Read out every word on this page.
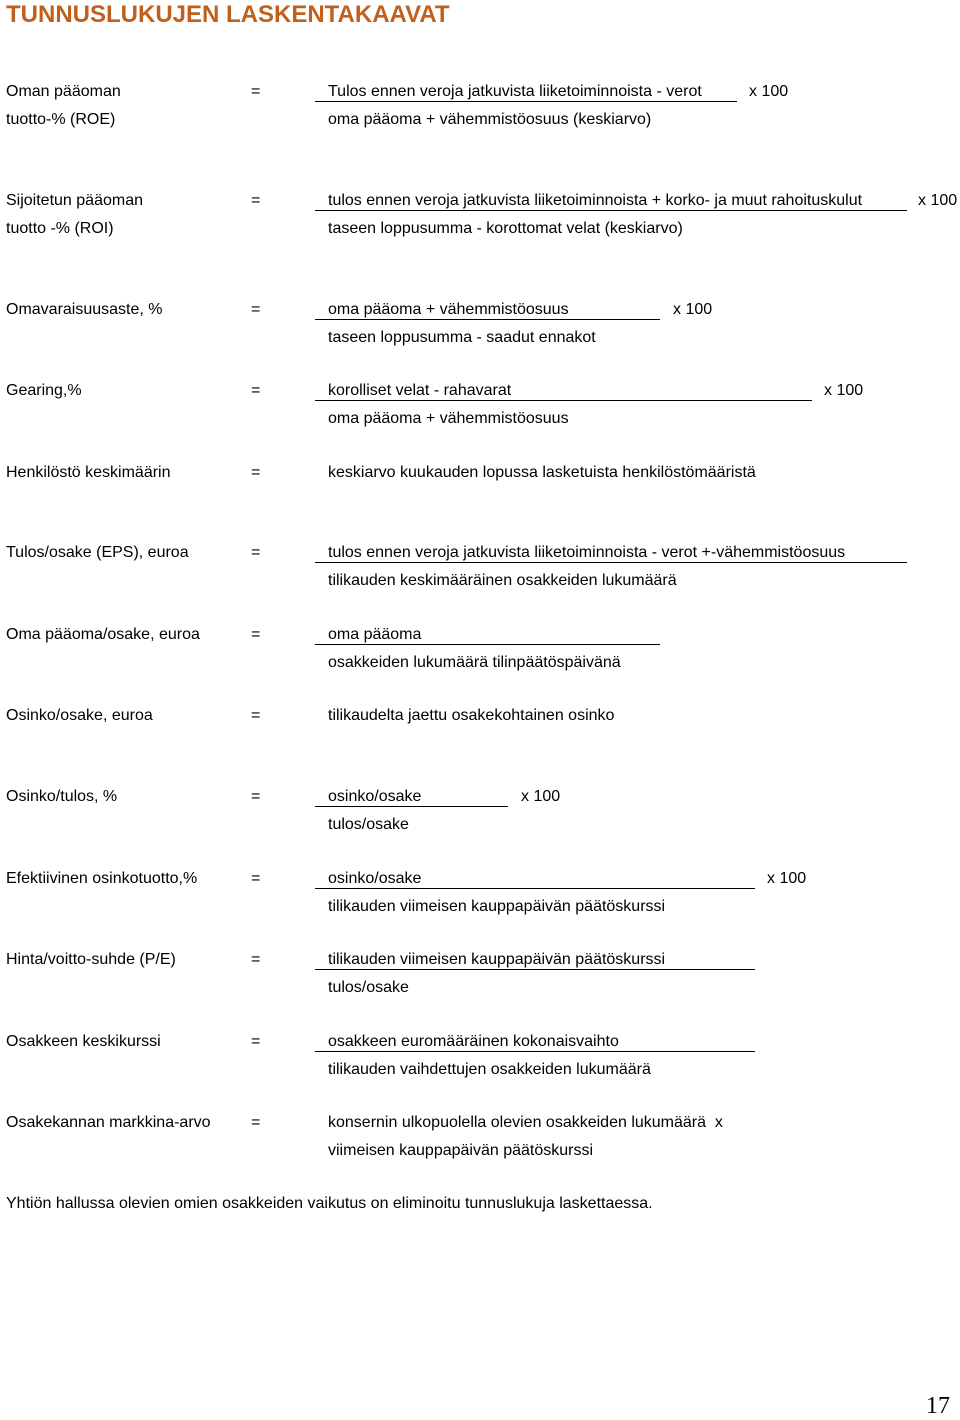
TUNNUSLUKUJEN LASKENTAKAAVAT
Oman pääoman
tuotto-% (ROE)
=	Tulos ennen veroja jatkuvista liiketoiminnoista - verot	x 100
oma pääoma + vähemmistöosuus (keskiarvo)
Sijoitetun pääoman
tuotto -% (ROI)
=	tulos ennen veroja jatkuvista liiketoiminnoista + korko- ja muut rahoituskulut	x 100
taseen loppusumma - korottomat velat (keskiarvo)
Omavaraisuusaste, %	=	oma pääoma + vähemmistöosuus	x 100
taseen loppusumma - saadut ennakot
Gearing,%	=	korolliset velat - rahavarat	x 100
oma pääoma + vähemmistöosuus
Henkilöstö keskimäärin	=	keskiarvo kuukauden lopussa lasketuista henkilöstömääristä
Tulos/osake (EPS), euroa	=	tulos ennen veroja jatkuvista liiketoiminnoista - verot +-vähemmistöosuus
tilikauden keskimääräinen osakkeiden lukumäärä
Oma pääoma/osake, euroa	=	oma pääoma
osakkeiden lukumäärä tilinpäätöspäivänä
Osinko/osake, euroa	=	tilikaudelta jaettu osakekohtainen osinko
Osinko/tulos, %	=	osinko/osake	x 100
tulos/osake
Efektiivinen osinkotuotto,%	=	osinko/osake	x 100
tilikauden viimeisen kauppapäivän päätöskurssi
Hinta/voitto-suhde (P/E)	=	tilikauden viimeisen kauppapäivän päätöskurssi
tulos/osake
Osakkeen keskikurssi	=	osakkeen euromääräinen kokonaisvaihto
tilikauden vaihdettujen osakkeiden lukumäärä
Osakekannan markkina-arvo	=	konsernin ulkopuolella olevien osakkeiden lukumäärä  x
viimeisen kauppapäivän päätöskurssi
Yhtiön hallussa olevien omien osakkeiden vaikutus on eliminoitu tunnuslukuja laskettaessa.
17
